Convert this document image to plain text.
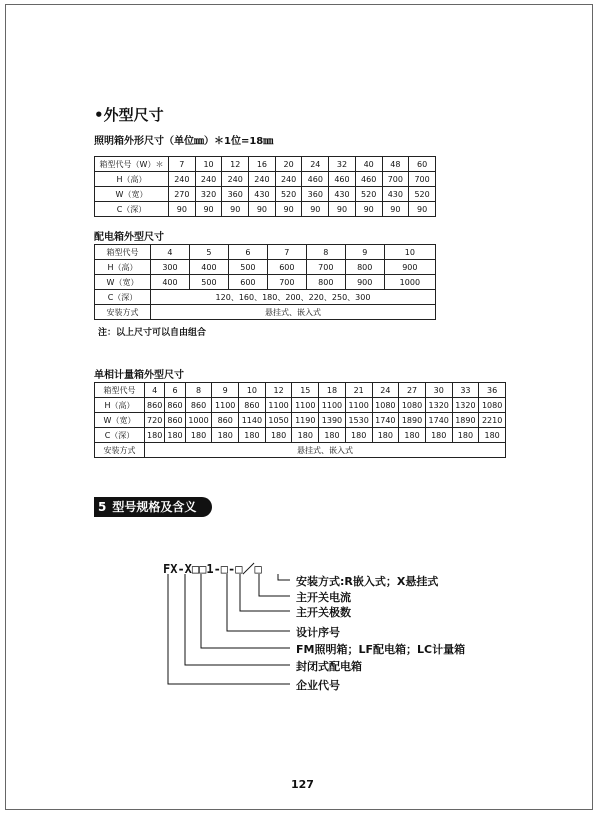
•外型尺寸
照明箱外形尺寸（单位㎜）＊1位=18㎜
箱型代号（W）＊	7	10	12	16	20	24	32	40	48	60
H（高）	240	240	240	240	240	460	460	460	700	700
W（宽）	270	320	360	430	520	360	430	520	430	520
C（深）	90	90	90	90	90	90	90	90	90	90
配电箱外型尺寸
箱型代号	4	5	6	7	8	9	10
H（高）	300	400	500	600	700	800	900
W（宽）	400	500	600	700	800	900	1000
C（深）	120、160、180、200、220、250、300						
安装方式	悬挂式、嵌入式						
注：以上尺寸可以自由组合
单相计量箱外型尺寸
箱型代号	4	6	8	9	10	12	15	18	21	24	27	30	33	36
H（高）	860	860	860	1100	860	1100	1100	1100	1100	1080	1080	1320	1320	1080
W（宽）	720	860	1000	860	1140	1050	1190	1390	1530	1740	1890	1740	1890	2210
C（深）	180	180	180	180	180	180	180	180	180	180	180	180	180	180
安装方式	悬挂式、嵌入式													
5 型号规格及含义
FX-X□□1-□-□／□
安装方式:R嵌入式；X悬挂式
主开关电流
主开关极数
设计序号
FM照明箱；LF配电箱；LC计量箱
封闭式配电箱
企业代号
127
